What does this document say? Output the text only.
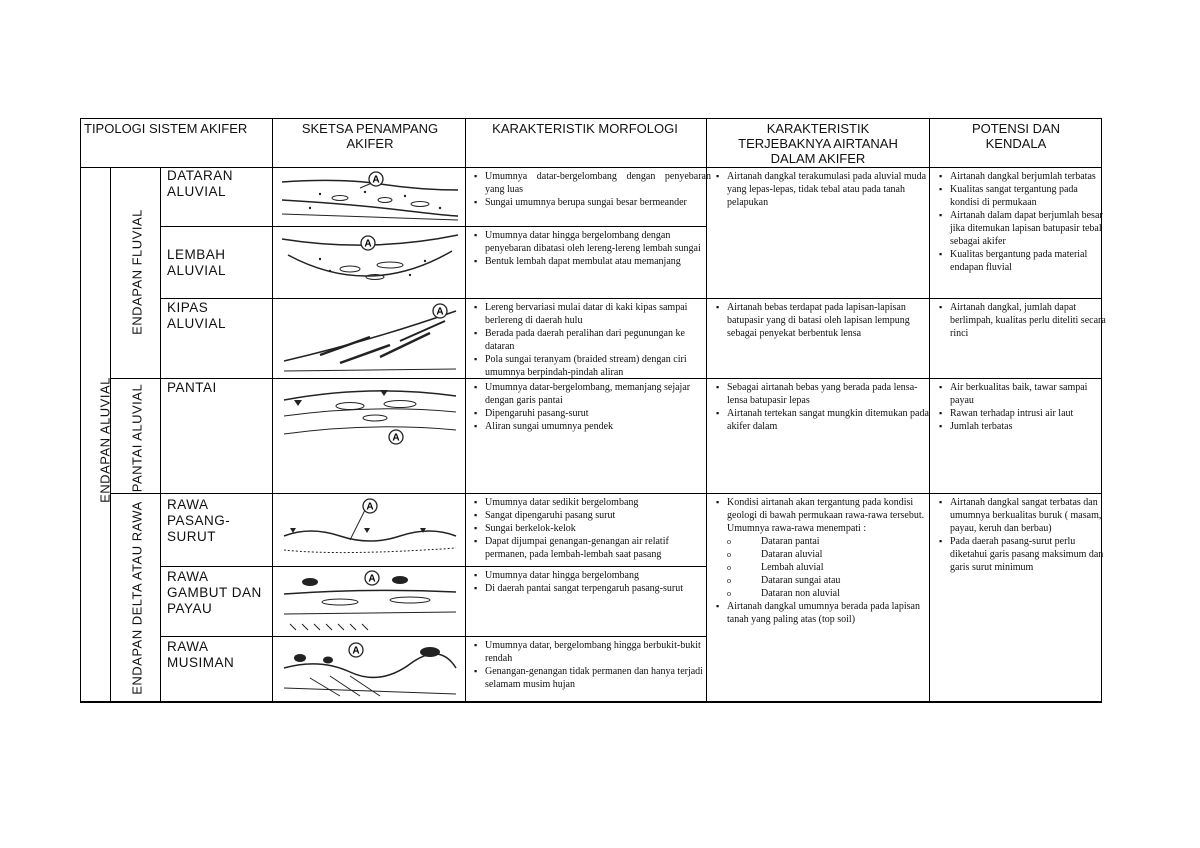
TIPOLOGI SISTEM AKIFER	SKETSA PENAMPANG AKIFER
KARAKTERISTIK MORFOLOGI	KARAKTERISTIK TERJEBAKNYA AIRTANAH DALAM AKIFER
POTENSI DAN KENDALA
ENDAPAN ALUVIAL
ENDAPAN FLUVIAL
PANTAI ALUVIAL
ENDAPAN DELTA ATAU RAWA
DATARAN ALUVIAL
LEMBAH ALUVIAL
KIPAS ALUVIAL
PANTAI
RAWA PASANG- SURUT
RAWA GAMBUT DAN PAYAU
RAWA MUSIMAN
A
A
A
A
A
A
A
▪ Umumnya datar-bergelombang dengan penyebaran yang luas
▪ Sungai umumnya berupa sungai besar bermeander
▪ Umumnya datar hingga bergelombang dengan penyebaran dibatasi oleh lereng-lereng lembah sungai
▪ Bentuk lembah dapat membulat atau memanjang
▪ Lereng bervariasi mulai datar di kaki kipas sampai berlereng di daerah hulu
▪ Berada pada daerah peralihan dari pegunungan ke dataran
▪ Pola sungai teranyam (braided stream) dengan ciri umumnya berpindah-pindah aliran
▪ Umumnya datar-bergelombang, memanjang sejajar dengan garis pantai
▪ Dipengaruhi pasang-surut
▪ Aliran sungai umumnya pendek
▪ Umumnya datar sedikit bergelombang
▪ Sangat dipengaruhi pasang surut
▪ Sungai berkelok-kelok
▪ Dapat dijumpai genangan-genangan air relatif permanen, pada lembah-lembah saat pasang
▪ Umumnya datar hingga bergelombang
▪ Di daerah pantai sangat terpengaruh pasang-surut
▪ Umumnya datar, bergelombang hingga berbukit-bukit rendah
▪ Genangan-genangan tidak permanen dan hanya terjadi selamam musim hujan
▪ Airtanah dangkal terakumulasi pada aluvial muda yang lepas-lepas, tidak tebal atau pada tanah pelapukan
▪ Airtanah bebas terdapat pada lapisan-lapisan batupasir yang di batasi oleh lapisan lempung sebagai penyekat berbentuk lensa
▪ Sebagai airtanah bebas yang berada pada lensa-lensa batupasir lepas
▪ Airtanah tertekan sangat mungkin ditemukan pada akifer dalam
▪ Kondisi airtanah akan tergantung pada kondisi geologi di bawah permukaan rawa-rawa tersebut. Umumnya rawa-rawa menempati :
o Dataran pantai
o Dataran aluvial
o Lembah aluvial
o Dataran sungai atau
o Dataran non aluvial
▪ Airtanah dangkal umumnya berada pada lapisan tanah yang paling atas (top soil)
▪ Airtanah dangkal berjumlah terbatas
▪ Kualitas sangat tergantung pada kondisi di permukaan
▪ Airtanah dalam dapat berjumlah besar jika ditemukan lapisan batupasir tebal sebagai akifer
▪ Kualitas bergantung pada material endapan fluvial
▪ Airtanah dangkal, jumlah dapat berlimpah, kualitas perlu diteliti secara rinci
▪ Air berkualitas baik, tawar sampai payau
▪ Rawan terhadap intrusi air laut
▪ Jumlah terbatas
▪ Airtanah dangkal sangat terbatas dan umumnya berkualitas buruk ( masam, payau, keruh dan berbau)
▪ Pada daerah pasang-surut perlu diketahui garis pasang maksimum dan garis surut minimum
